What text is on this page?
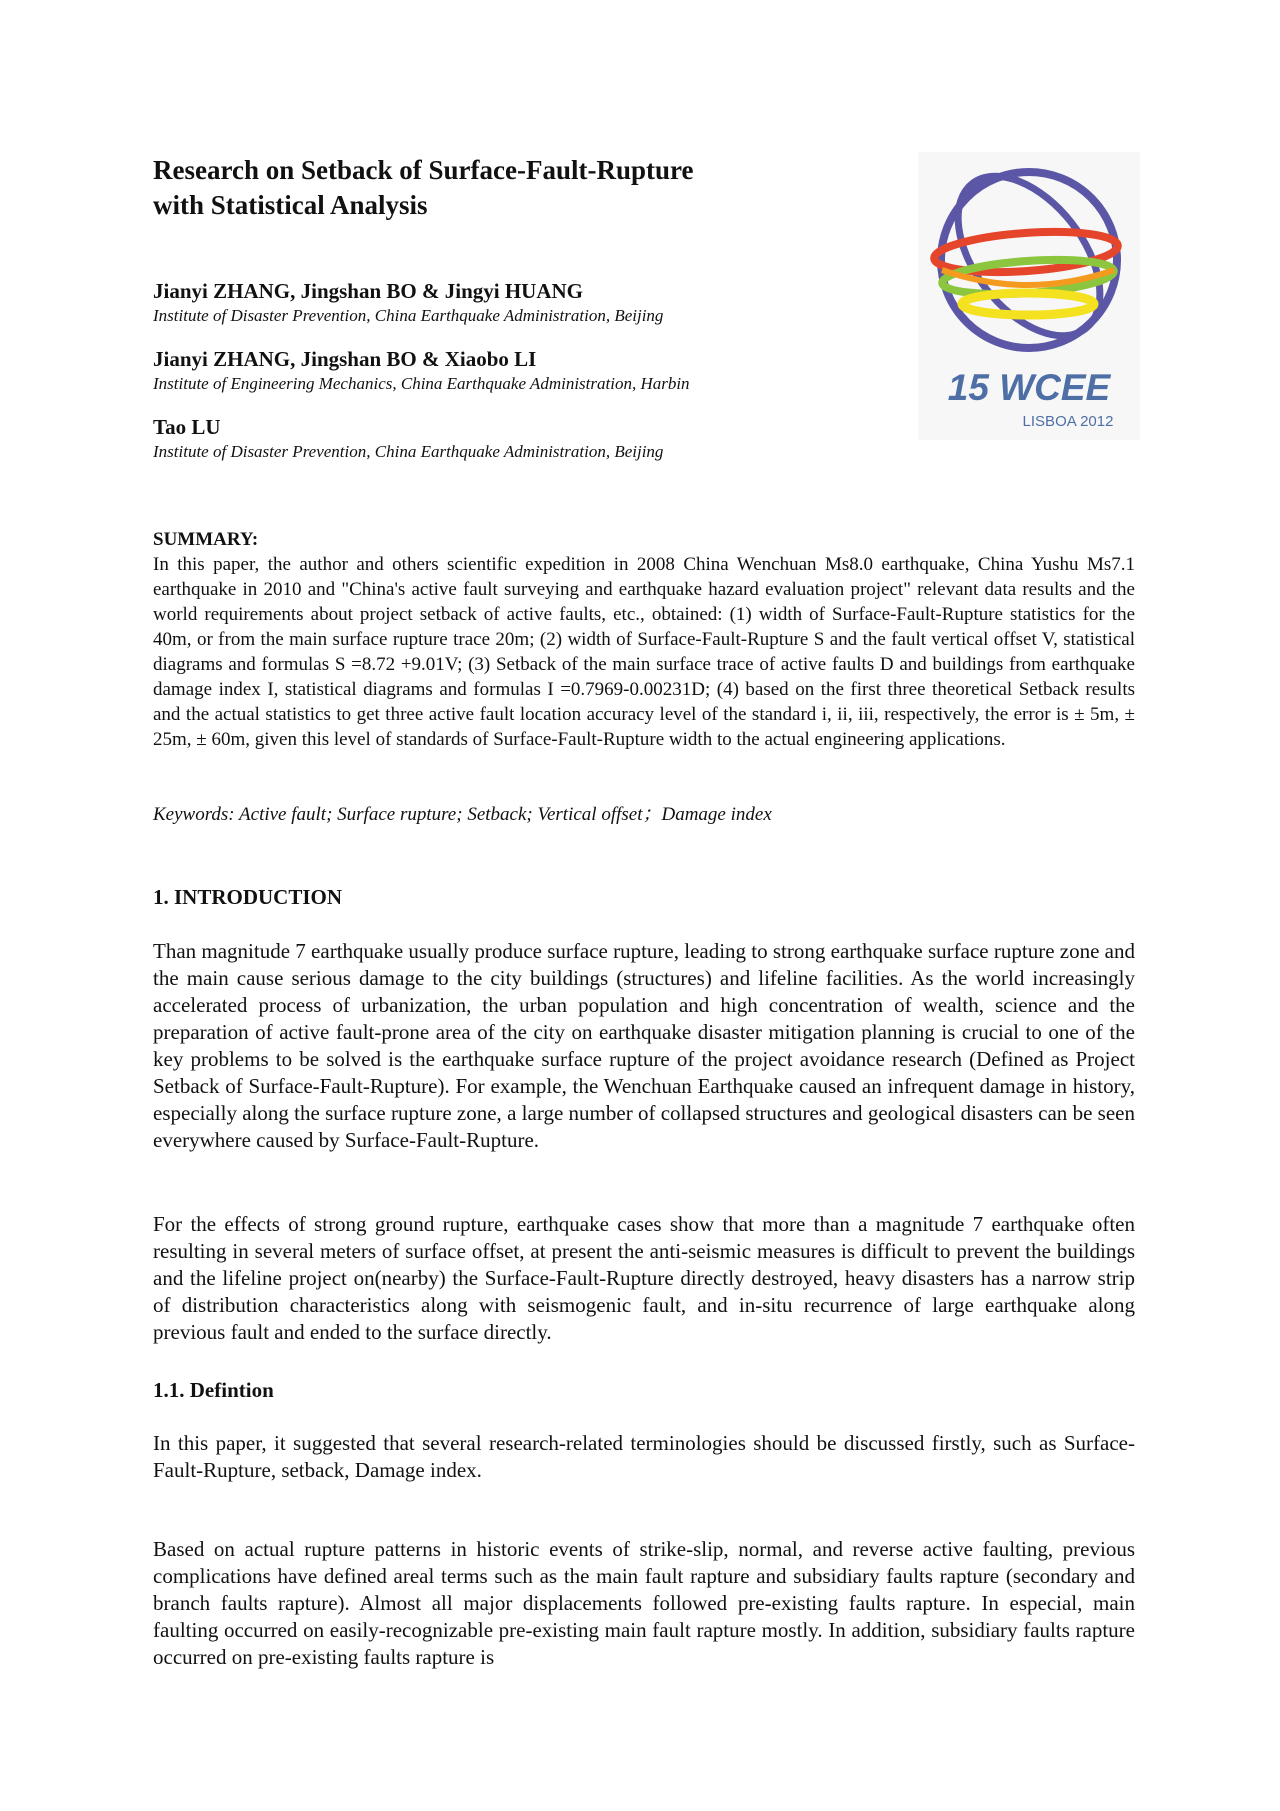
Research on Setback of Surface-Fault-Rupture
with Statistical Analysis
Jianyi ZHANG, Jingshan BO & Jingyi HUANG
Institute of Disaster Prevention, China Earthquake Administration, Beijing
Jianyi ZHANG, Jingshan BO & Xiaobo LI
Institute of Engineering Mechanics, China Earthquake Administration, Harbin
Tao LU
Institute of Disaster Prevention, China Earthquake Administration, Beijing
15 WCEE
LISBOA 2012
SUMMARY:

In this paper, the author and others scientific expedition in 2008 China Wenchuan Ms8.0 earthquake, China Yushu Ms7.1 earthquake in 2010 and "China's active fault surveying and earthquake hazard evaluation project" relevant data results and the world requirements about project setback of active faults, etc., obtained: (1) width of Surface-Fault-Rupture statistics for the 40m, or from the main surface rupture trace 20m; (2) width of Surface-Fault-Rupture S and the fault vertical offset V, statistical diagrams and formulas S =8.72 +9.01V; (3) Setback of the main surface trace of active faults D and buildings from earthquake damage index I, statistical diagrams and formulas I =0.7969-0.00231D; (4) based on the first three theoretical Setback results and the actual statistics to get three active fault location accuracy level of the standard i, ii, iii, respectively, the error is ± 5m, ± 25m, ± 60m, given this level of standards of Surface-Fault-Rupture width to the actual engineering applications.

Keywords: Active fault; Surface rupture; Setback; Vertical offset；Damage index
1. INTRODUCTION

Than magnitude 7 earthquake usually produce surface rupture, leading to strong earthquake surface rupture zone and the main cause serious damage to the city buildings (structures) and lifeline facilities. As the world increasingly accelerated process of urbanization, the urban population and high concentration of wealth, science and the preparation of active fault-prone area of the city on earthquake disaster mitigation planning is crucial to one of the key problems to be solved is the earthquake surface rupture of the project avoidance research (Defined as Project Setback of Surface-Fault-Rupture). For example, the Wenchuan Earthquake caused an infrequent damage in history, especially along the surface rupture zone, a large number of collapsed structures and geological disasters can be seen everywhere caused by Surface-Fault-Rupture.

For the effects of strong ground rupture, earthquake cases show that more than a magnitude 7 earthquake often resulting in several meters of surface offset, at present the anti-seismic measures is difficult to prevent the buildings and the lifeline project on(nearby) the Surface-Fault-Rupture directly destroyed, heavy disasters has a narrow strip of distribution characteristics along with seismogenic fault, and in-situ recurrence of large earthquake along previous fault and ended to the surface directly.

1.1. Defintion

In this paper, it suggested that several research-related terminologies should be discussed firstly, such as Surface-Fault-Rupture, setback, Damage index.

Based on actual rupture patterns in historic events of strike-slip, normal, and reverse active faulting, previous complications have defined areal terms such as the main fault rapture and subsidiary faults rapture (secondary and branch faults rapture). Almost all major displacements followed pre-existing faults rapture. In especial, main faulting occurred on easily-recognizable pre-existing main fault rapture mostly. In addition, subsidiary faults rapture occurred on pre-existing faults rapture is
